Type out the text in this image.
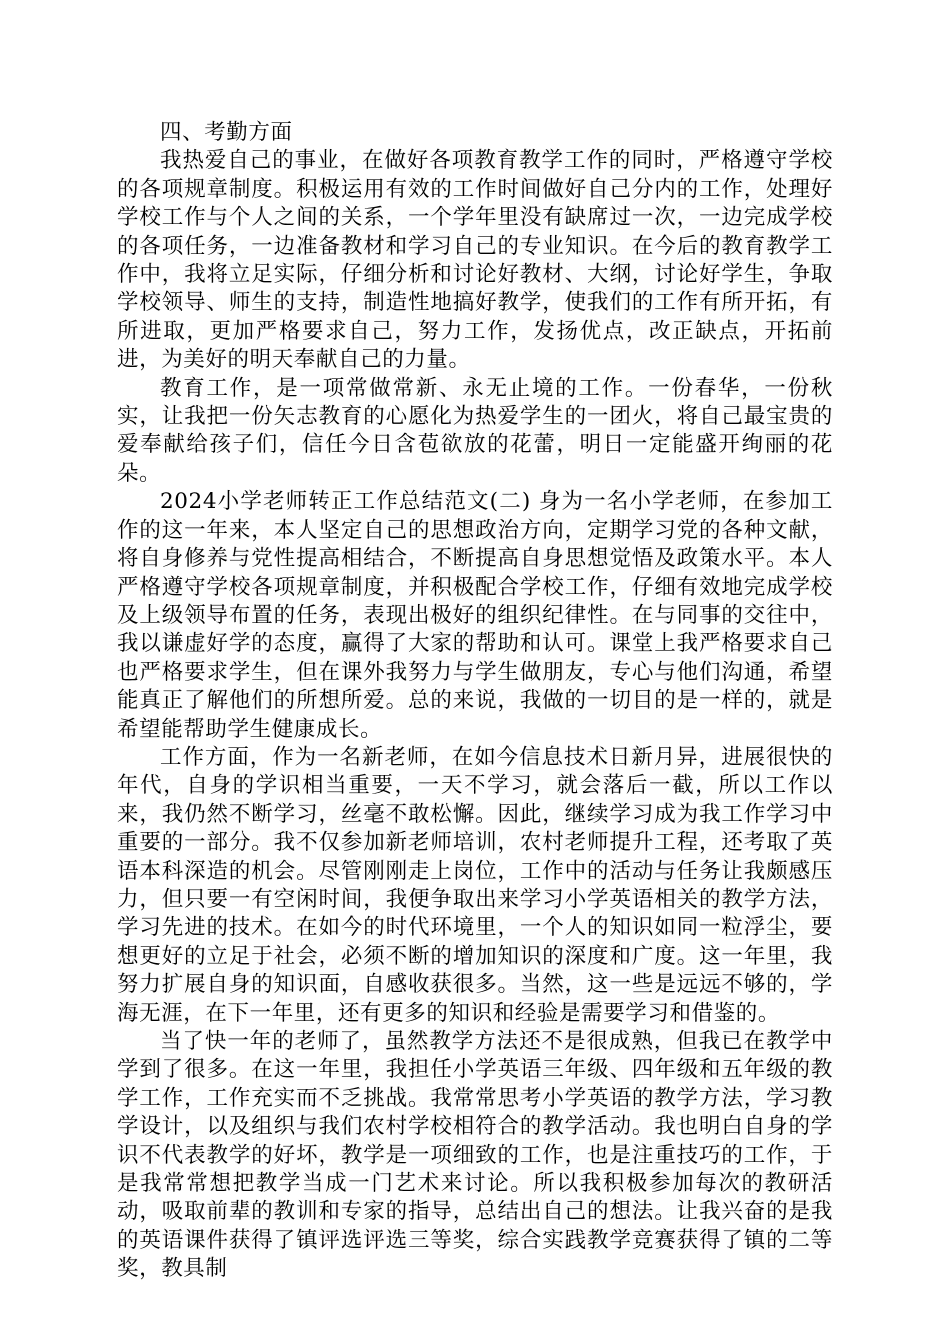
四、考勤方面

我热爱自己的事业，在做好各项教育教学工作的同时，严格遵守学校的各项规章制度。积极运用有效的工作时间做好自己分内的工作，处理好学校工作与个人之间的关系，一个学年里没有缺席过一次，一边完成学校的各项任务，一边准备教材和学习自己的专业知识。在今后的教育教学工作中，我将立足实际，仔细分析和讨论好教材、大纲，讨论好学生，争取学校领导、师生的支持，制造性地搞好教学，使我们的工作有所开拓，有所进取，更加严格要求自己，努力工作，发扬优点，改正缺点，开拓前进，为美好的明天奉献自己的力量。

教育工作，是一项常做常新、永无止境的工作。一份春华，一份秋实，让我把一份矢志教育的心愿化为热爱学生的一团火，将自己最宝贵的爱奉献给孩子们，信任今日含苞欲放的花蕾，明日一定能盛开绚丽的花朵。

2024小学老师转正工作总结范文(二) 身为一名小学老师，在参加工作的这一年来，本人坚定自己的思想政治方向，定期学习党的各种文献，将自身修养与党性提高相结合，不断提高自身思想觉悟及政策水平。本人严格遵守学校各项规章制度，并积极配合学校工作，仔细有效地完成学校及上级领导布置的任务，表现出极好的组织纪律性。在与同事的交往中，我以谦虚好学的态度，赢得了大家的帮助和认可。课堂上我严格要求自己也严格要求学生，但在课外我努力与学生做朋友，专心与他们沟通，希望能真正了解他们的所想所爱。总的来说，我做的一切目的是一样的，就是希望能帮助学生健康成长。

工作方面，作为一名新老师，在如今信息技术日新月异，进展很快的年代，自身的学识相当重要，一天不学习，就会落后一截，所以工作以来，我仍然不断学习，丝毫不敢松懈。因此，继续学习成为我工作学习中重要的一部分。我不仅参加新老师培训，农村老师提升工程，还考取了英语本科深造的机会。尽管刚刚走上岗位，工作中的活动与任务让我颇感压力，但只要一有空闲时间，我便争取出来学习小学英语相关的教学方法，学习先进的技术。在如今的时代环境里，一个人的知识如同一粒浮尘，要想更好的立足于社会，必须不断的增加知识的深度和广度。这一年里，我努力扩展自身的知识面，自感收获很多。当然，这一些是远远不够的，学海无涯，在下一年里，还有更多的知识和经验是需要学习和借鉴的。

当了快一年的老师了，虽然教学方法还不是很成熟，但我已在教学中学到了很多。在这一年里，我担任小学英语三年级、四年级和五年级的教学工作，工作充实而不乏挑战。我常常思考小学英语的教学方法，学习教学设计，以及组织与我们农村学校相符合的教学活动。我也明白自身的学识不代表教学的好坏，教学是一项细致的工作，也是注重技巧的工作，于是我常常想把教学当成一门艺术来讨论。所以我积极参加每次的教研活动，吸取前辈的教训和专家的指导，总结出自己的想法。让我兴奋的是我的英语课件获得了镇评选评选三等奖，综合实践教学竞赛获得了镇的二等奖，教具制
